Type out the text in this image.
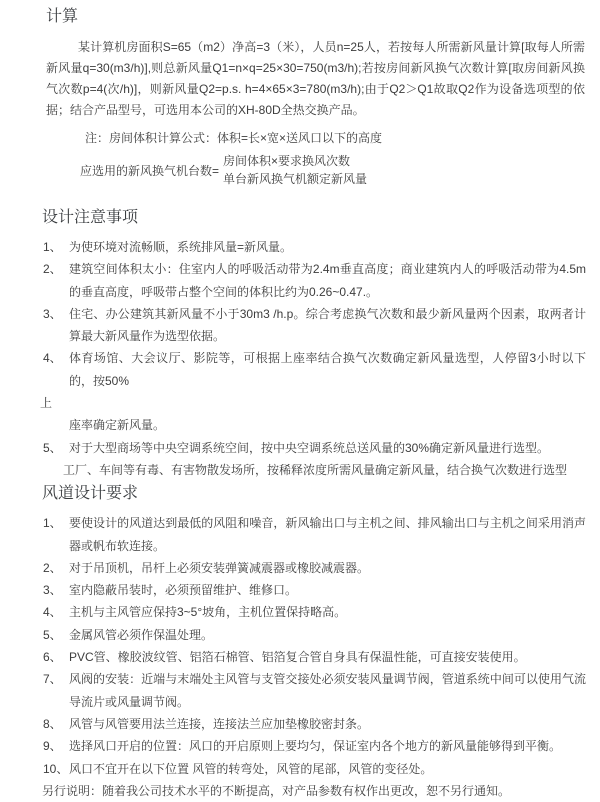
计算

某计算机房面积S=65（m2）净高=3（米），人员n=25人，若按每人所需新风量计算[取每人所需新风量q=30(m3/h)],则总新风量Q1=n×q=25×30=750(m3/h);若按房间新风换气次数计算[取房间新风换气次数p=4(次/h)]，则新风量Q2=p.s. h=4×65×3=780(m3/h);由于Q2＞Q1故取Q2作为设备选项型的依据；结合产品型号，可选用本公司的XH-80D全热交换产品。

注：房间体积计算公式：体积=长×宽×送风口以下的高度
应选用的新风换气机台数=
房间体积×要求换风次数
单台新风换气机额定新风量
设计注意事项
1、 为使环境对流畅顺，系统排风量=新风量。
2、 建筑空间体积太小：住室内人的呼吸活动带为2.4m垂直高度；商业建筑内人的呼吸活动带为4.5m的垂直高度，呼吸带占整个空间的体积比约为0.26~0.47.。
3、 住宅、办公建筑其新风量不小于30m3 /h.p。综合考虑换气次数和最少新风量两个因素，取两者计算最大新风量作为选型依据。
4、 体育场馆、大会议厅、影院等，可根据上座率结合换气次数确定新风量选型，人停留3小时以下的，按50%
上
座率确定新风量。
5、 对于大型商场等中央空调系统空间，按中央空调系统总送风量的30%确定新风量进行选型。
工厂、车间等有毒、有害物散发场所，按稀释浓度所需风量确定新风量，结合换气次数进行选型
风道设计要求
1、 要使设计的风道达到最低的风阻和噪音，新风输出口与主机之间、排风输出口与主机之间采用消声器或帆布软连接。
2、 对于吊顶机，吊杆上必须安装弹簧减震器或橡胶减震器。
3、 室内隐蔽吊装时，必须预留维护、维修口。
4、 主机与主风管应保持3~5°坡角，主机位置保持略高。
5、 金属风管必须作保温处理。
6、 PVC管、橡胶波纹管、铝箔石棉管、铝箔复合管自身具有保温性能，可直接安装使用。
7、 风阀的安装：近端与末端处主风管与支管交接处必须安装风量调节阀，管道系统中间可以使用气流导流片或风量调节阀。
8、 风管与风管要用法兰连接，连接法兰应加垫橡胶密封条。
9、 选择风口开启的位置：风口的开启原则上要均匀，保证室内各个地方的新风量能够得到平衡。
10、 风口不宜开在以下位置 风管的转弯处，风管的尾部，风管的变径处。
另行说明：随着我公司技术水平的不断提高，对产品参数有权作出更改，恕不另行通知。
